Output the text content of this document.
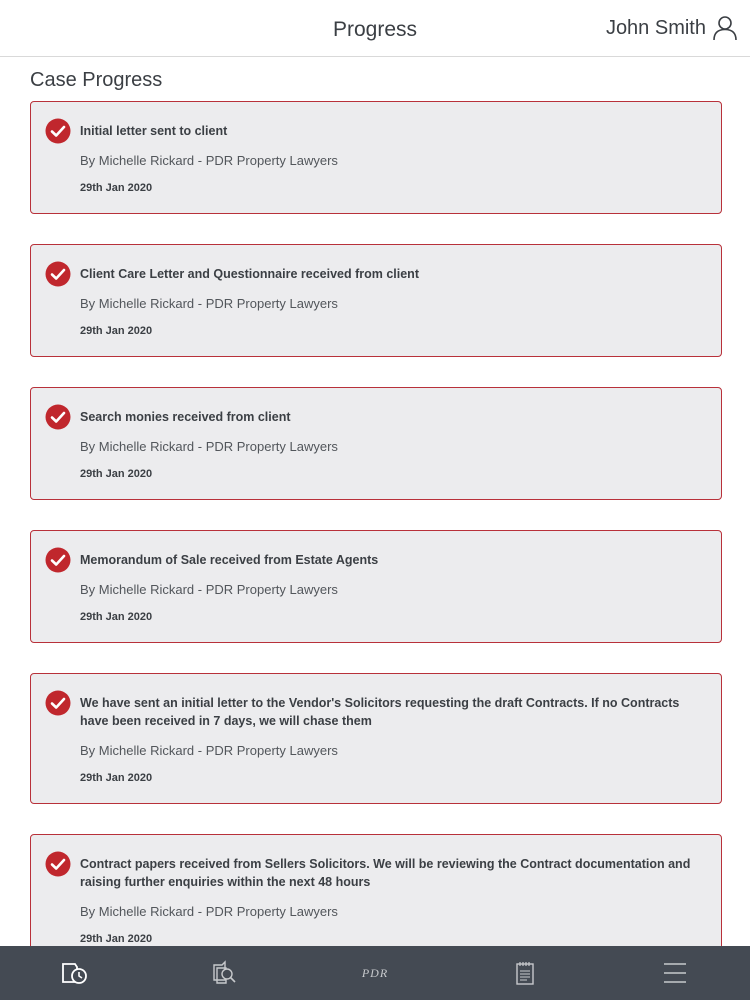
Progress	John Smith
Case Progress
Initial letter sent to client
By Michelle Rickard - PDR Property Lawyers
29th Jan 2020
Client Care Letter and Questionnaire received from client
By Michelle Rickard - PDR Property Lawyers
29th Jan 2020
Search monies received from client
By Michelle Rickard - PDR Property Lawyers
29th Jan 2020
Memorandum of Sale received from Estate Agents
By Michelle Rickard - PDR Property Lawyers
29th Jan 2020
We have sent an initial letter to the Vendor's Solicitors requesting the draft Contracts. If no Contracts have been received in 7 days, we will chase them
By Michelle Rickard - PDR Property Lawyers
29th Jan 2020
Contract papers received from Sellers Solicitors. We will be reviewing the Contract documentation and raising further enquiries within the next 48 hours
By Michelle Rickard - PDR Property Lawyers
29th Jan 2020
PDR
